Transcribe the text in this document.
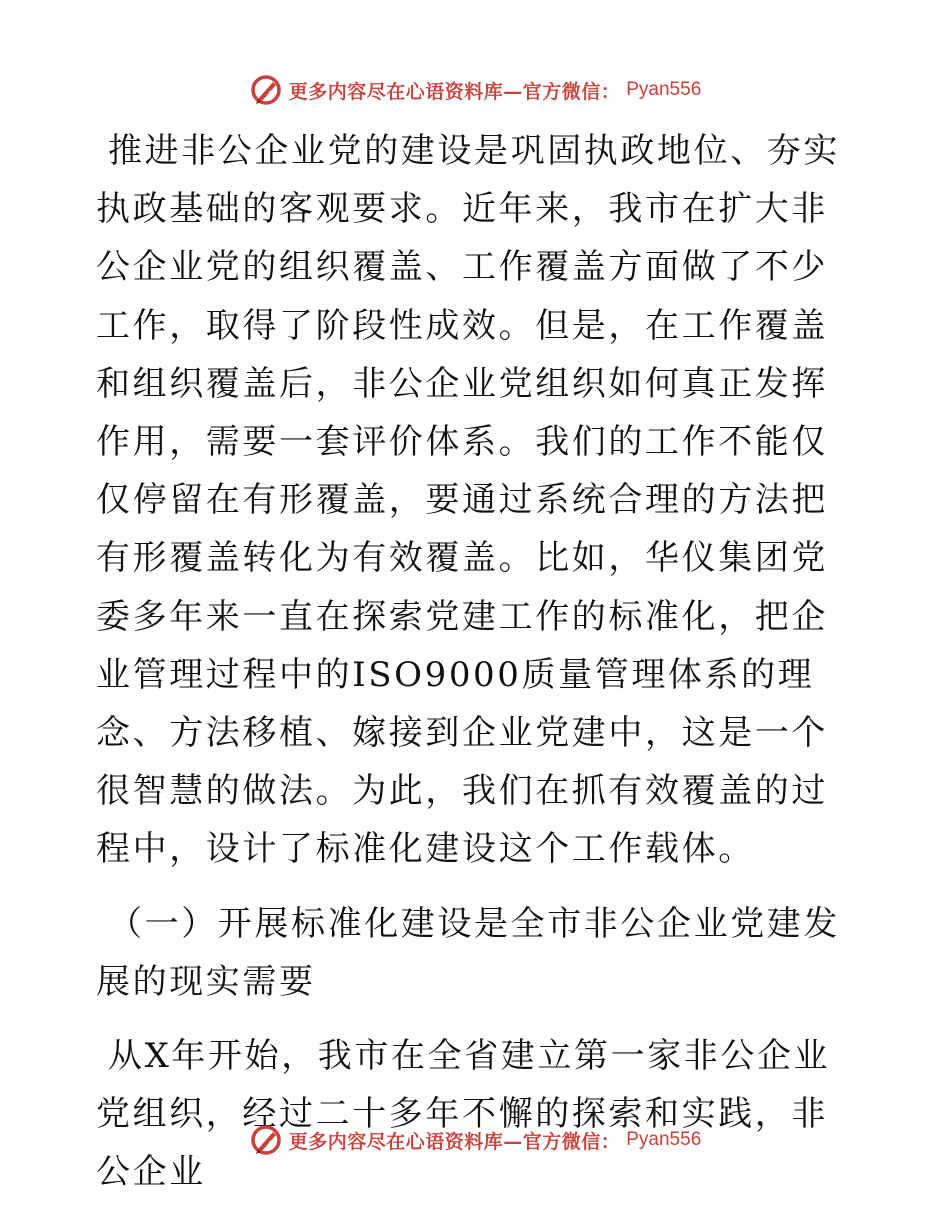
更多内容尽在心语资料库—官方微信： Pyan556

推进非公企业党的建设是巩固执政地位、夯实执政基础的客观要求。近年来，我市在扩大非公企业党的组织覆盖、工作覆盖方面做了不少工作，取得了阶段性成效。但是，在工作覆盖和组织覆盖后，非公企业党组织如何真正发挥作用，需要一套评价体系。我们的工作不能仅仅停留在有形覆盖，要通过系统合理的方法把有形覆盖转化为有效覆盖。比如，华仪集团党委多年来一直在探索党建工作的标准化，把企业管理过程中的ISO9000质量管理体系的理念、方法移植、嫁接到企业党建中，这是一个很智慧的做法。为此，我们在抓有效覆盖的过程中，设计了标准化建设这个工作载体。

（一）开展标准化建设是全市非公企业党建发展的现实需要

从X年开始，我市在全省建立第一家非公企业党组织，经过二十多年不懈的探索和实践，非公企业

更多内容尽在心语资料库—官方微信： Pyan556
